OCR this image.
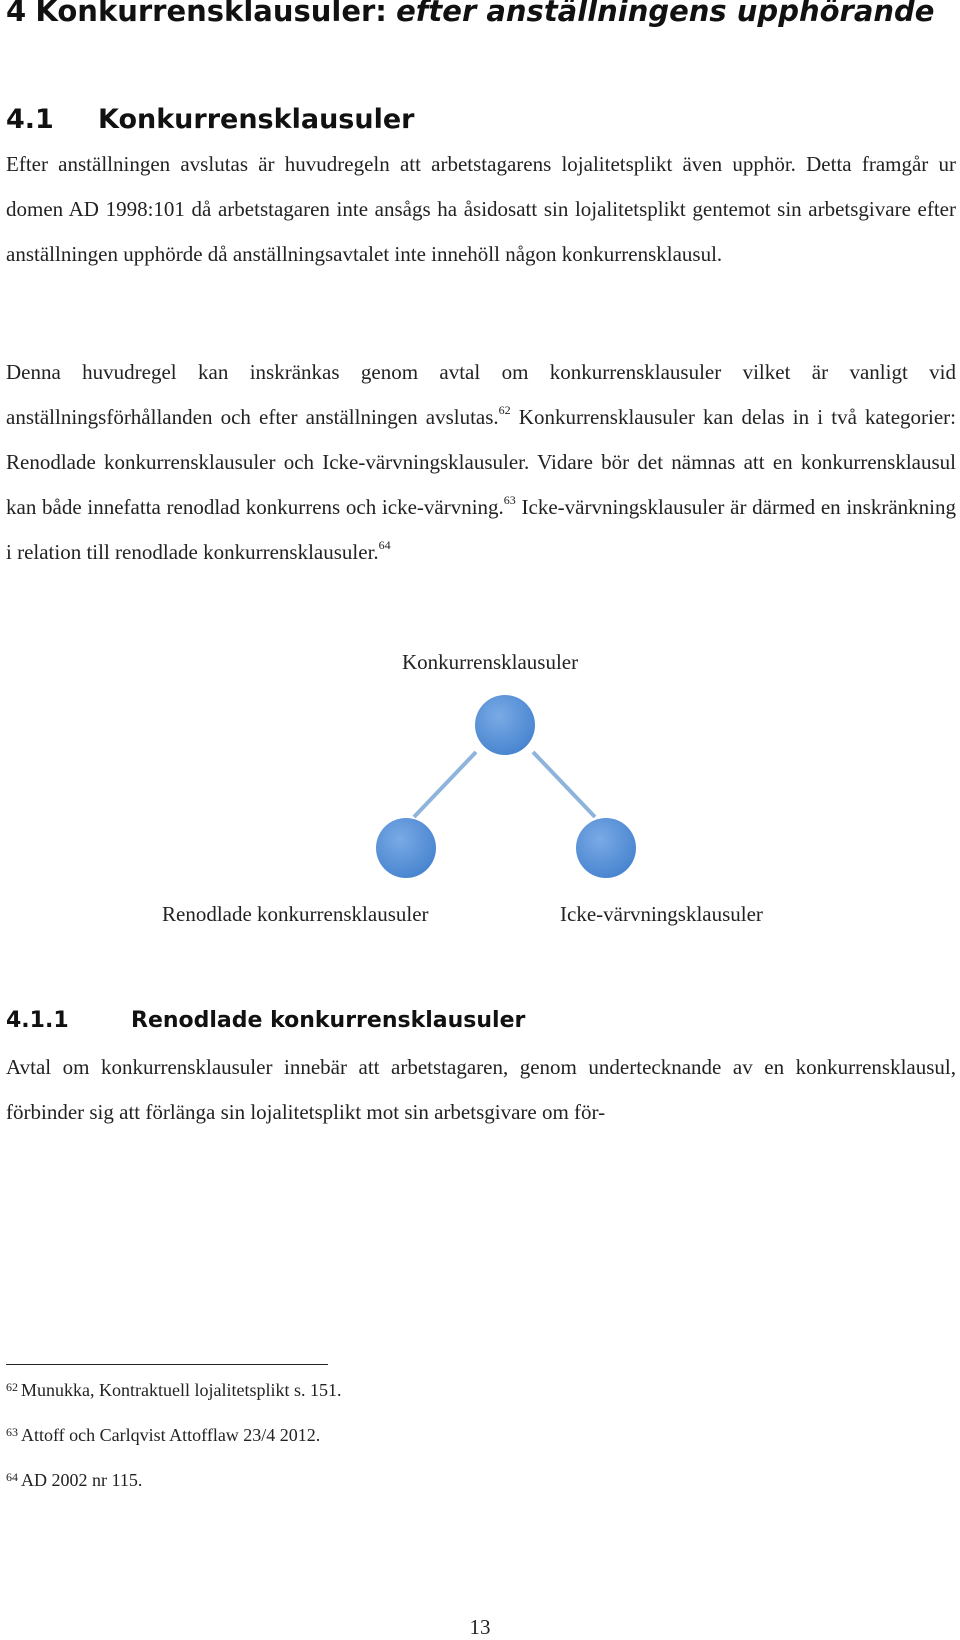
4 Konkurrensklausuler: efter anställningens upphörande
4.1 Konkurrensklausuler

Efter anställningen avslutas är huvudregeln att arbetstagarens lojalitetsplikt även upphör. Detta framgår ur domen AD 1998:101 då arbetstagaren inte ansågs ha åsidosatt sin lojalitetsplikt gentemot sin arbetsgivare efter anställningen upphörde då anställningsavtalet inte innehöll någon konkurrensklausul.

Denna huvudregel kan inskränkas genom avtal om konkurrensklausuler vilket är vanligt vid anställningsförhållanden och efter anställningen avslutas.$^{62}$ Konkurrensklausuler kan delas in i två kategorier: Renodlade konkurrensklausuler och Icke-värvningsklausuler. Vidare bör det nämnas att en konkurrensklausul kan både innefatta renodlad konkurrens och icke-värvning.$^{63}$ Icke-värvningsklausuler är därmed en inskränkning i relation till renodlade konkurrensklausuler.$^{64}$

Konkurrensklausuler
Renodlade konkurrensklausuler	Icke-värvningsklausuler
4.1.1	Renodlade konkurrensklausuler

Avtal om konkurrensklausuler innebär att arbetstagaren, genom undertecknande av en konkurrensklausul, förbinder sig att förlänga sin lojalitetsplikt mot sin arbetsgivare om för-

$^{62}$ Munukka, Kontraktuell lojalitetsplikt s. 151.

$^{63}$ Attoff och Carlqvist Attofflaw 23/4 2012.

$^{64}$ AD 2002 nr 115.

13
